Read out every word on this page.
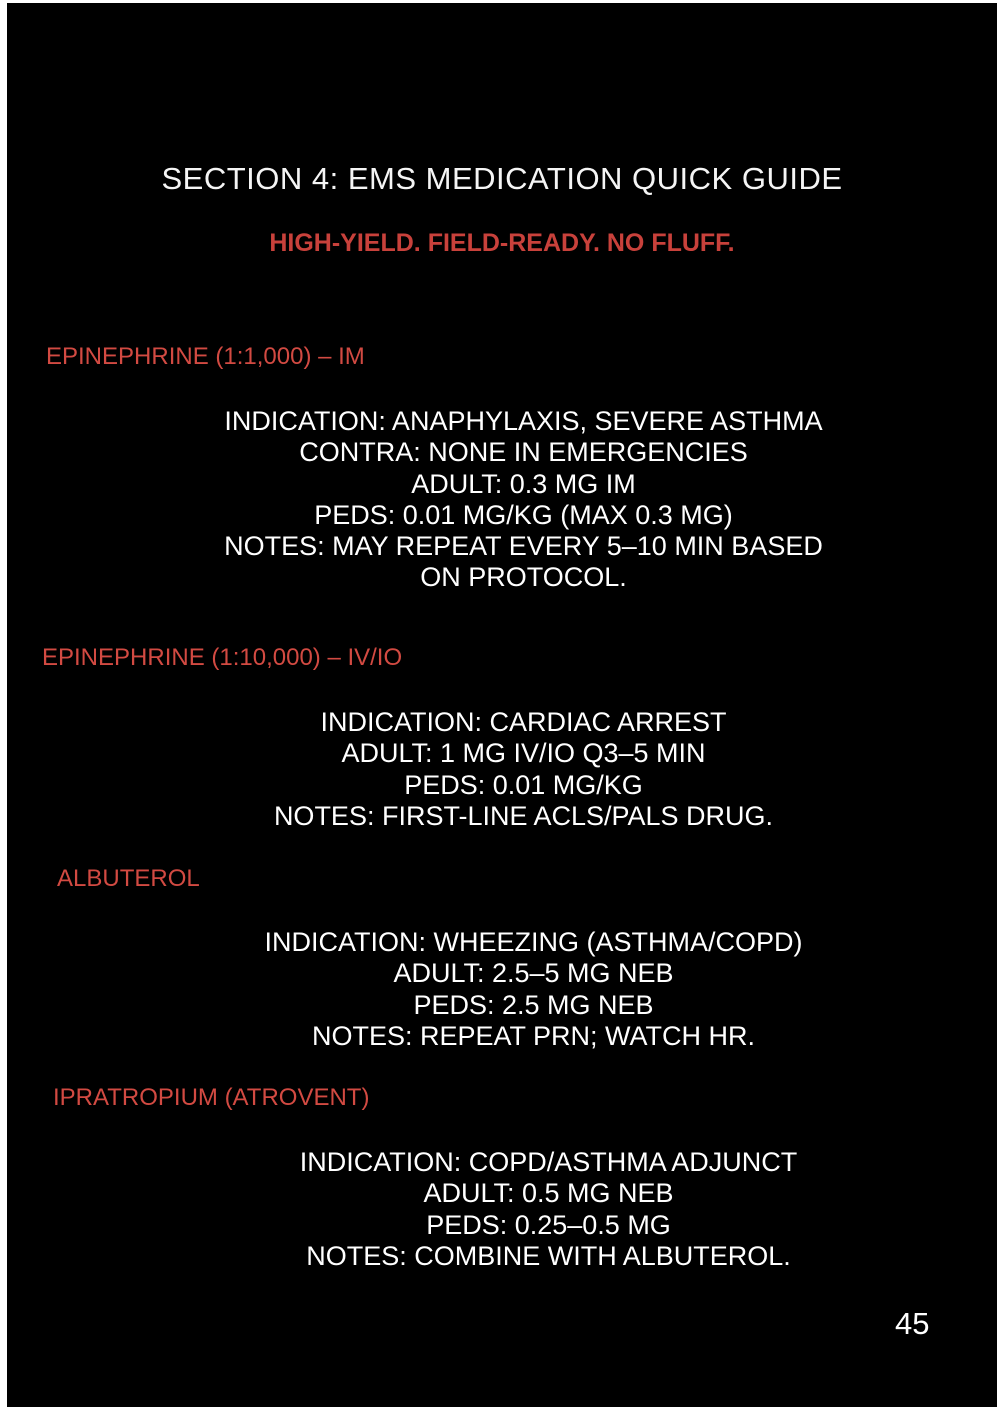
SECTION 4: EMS MEDICATION QUICK GUIDE
HIGH-YIELD. FIELD-READY. NO FLUFF.
EPINEPHRINE (1:1,000) – IM
INDICATION: ANAPHYLAXIS, SEVERE ASTHMA
CONTRA: NONE IN EMERGENCIES
ADULT: 0.3 MG IM
PEDS: 0.01 MG/KG (MAX 0.3 MG)
NOTES: MAY REPEAT EVERY 5–10 MIN BASED
ON PROTOCOL.
EPINEPHRINE (1:10,000) – IV/IO
INDICATION: CARDIAC ARREST
ADULT: 1 MG IV/IO Q3–5 MIN
PEDS: 0.01 MG/KG
NOTES: FIRST-LINE ACLS/PALS DRUG.
ALBUTEROL
INDICATION: WHEEZING (ASTHMA/COPD)
ADULT: 2.5–5 MG NEB
PEDS: 2.5 MG NEB
NOTES: REPEAT PRN; WATCH HR.
IPRATROPIUM (ATROVENT)
INDICATION: COPD/ASTHMA ADJUNCT
ADULT: 0.5 MG NEB
PEDS: 0.25–0.5 MG
NOTES: COMBINE WITH ALBUTEROL.
45
